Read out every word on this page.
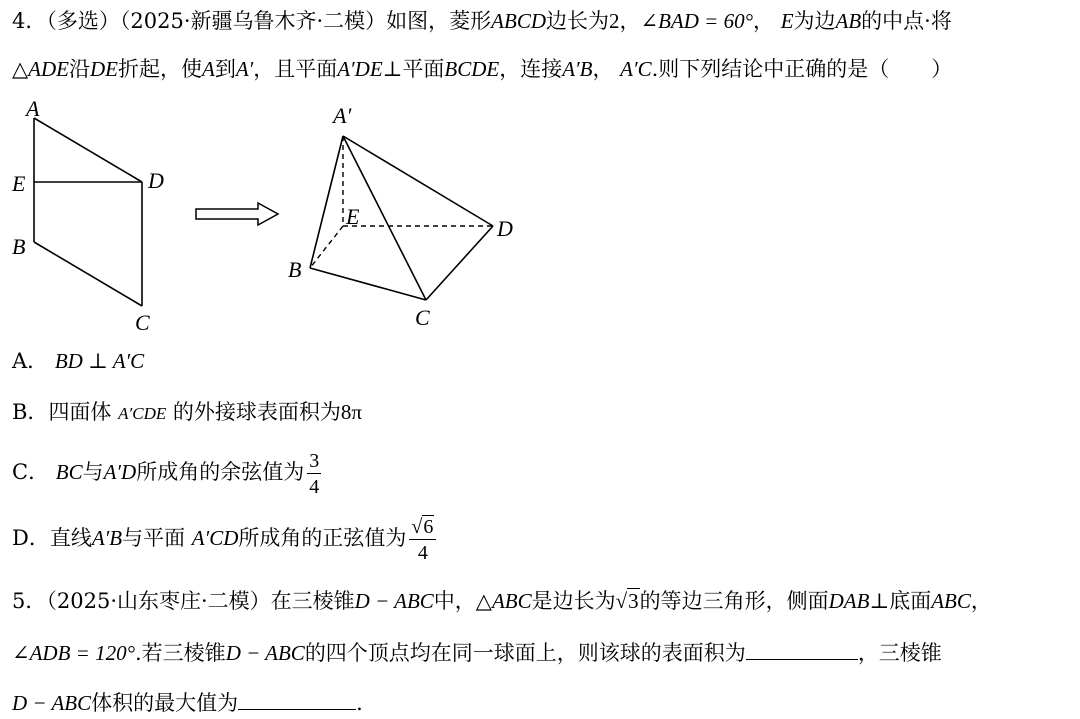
4．（多选）（2025·新疆乌鲁木齐·二模）如图，菱形ABCD边长为2，∠BAD = 60°， E为边AB的中点·将
△ADE沿DE折起，使A到A′，且平面A′DE⊥平面BCDE，连接A′B， A′C.则下列结论中正确的是（　　）
A
E	D
B
C
A′
E	D
B
C
A． BD ⊥ A′C
B．四面体 A′CDE 的外接球表面积为8π
C． BC与A′D所成角的余弦值为 $\frac{3}{4}$
D．直线A′B与平面 A′CD所成角的正弦值为 $\frac{√6}{4}$
5．（2025·山东枣庄·二模）在三棱锥D − ABC中，△ABC是边长为√3的等边三角形，侧面DAB⊥底面ABC，
∠ADB = 120°.若三棱锥D − ABC的四个顶点均在同一球面上，则该球的表面积为	，三棱锥
D − ABC体积的最大值为	.
